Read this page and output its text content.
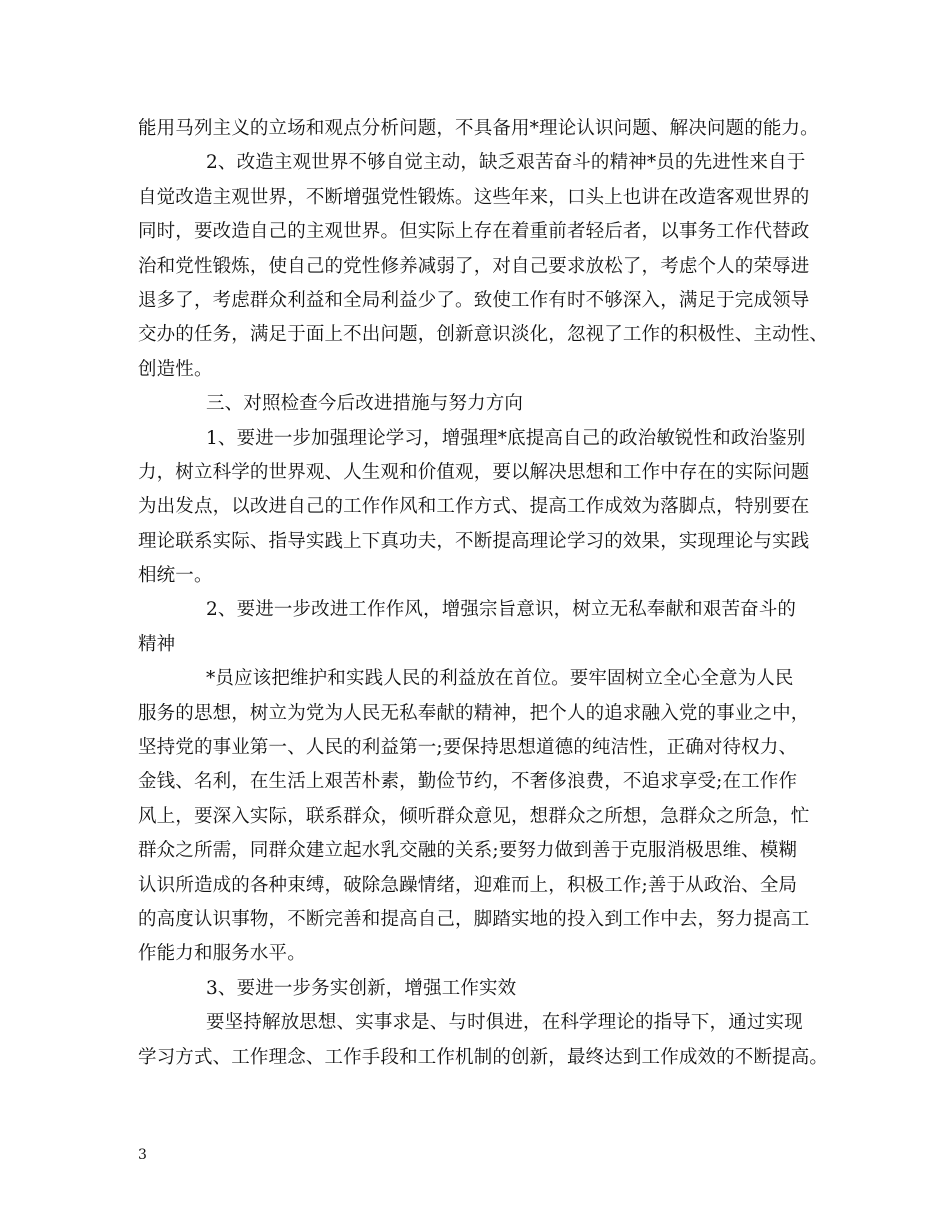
能用马列主义的立场和观点分析问题，不具备用*理论认识问题、解决问题的能力。
2、改造主观世界不够自觉主动，缺乏艰苦奋斗的精神*员的先进性来自于
自觉改造主观世界，不断增强党性锻炼。这些年来，口头上也讲在改造客观世界的
同时，要改造自己的主观世界。但实际上存在着重前者轻后者，以事务工作代替政
治和党性锻炼，使自己的党性修养减弱了，对自己要求放松了，考虑个人的荣辱进
退多了，考虑群众利益和全局利益少了。致使工作有时不够深入，满足于完成领导
交办的任务，满足于面上不出问题，创新意识淡化，忽视了工作的积极性、主动性、
创造性。
三、对照检查今后改进措施与努力方向
1、要进一步加强理论学习，增强理*底提高自己的政治敏锐性和政治鉴别
力，树立科学的世界观、人生观和价值观，要以解决思想和工作中存在的实际问题
为出发点，以改进自己的工作作风和工作方式、提高工作成效为落脚点，特别要在
理论联系实际、指导实践上下真功夫，不断提高理论学习的效果，实现理论与实践
相统一。
2、要进一步改进工作作风，增强宗旨意识，树立无私奉献和艰苦奋斗的
精神
*员应该把维护和实践人民的利益放在首位。要牢固树立全心全意为人民
服务的思想，树立为党为人民无私奉献的精神，把个人的追求融入党的事业之中，
坚持党的事业第一、人民的利益第一;要保持思想道德的纯洁性，正确对待权力、
金钱、名利，在生活上艰苦朴素，勤俭节约，不奢侈浪费，不追求享受;在工作作
风上，要深入实际，联系群众，倾听群众意见，想群众之所想，急群众之所急，忙
群众之所需，同群众建立起水乳交融的关系;要努力做到善于克服消极思维、模糊
认识所造成的各种束缚，破除急躁情绪，迎难而上，积极工作;善于从政治、全局
的高度认识事物，不断完善和提高自己，脚踏实地的投入到工作中去，努力提高工
作能力和服务水平。
3、要进一步务实创新，增强工作实效
要坚持解放思想、实事求是、与时俱进，在科学理论的指导下，通过实现
学习方式、工作理念、工作手段和工作机制的创新，最终达到工作成效的不断提高。
3
